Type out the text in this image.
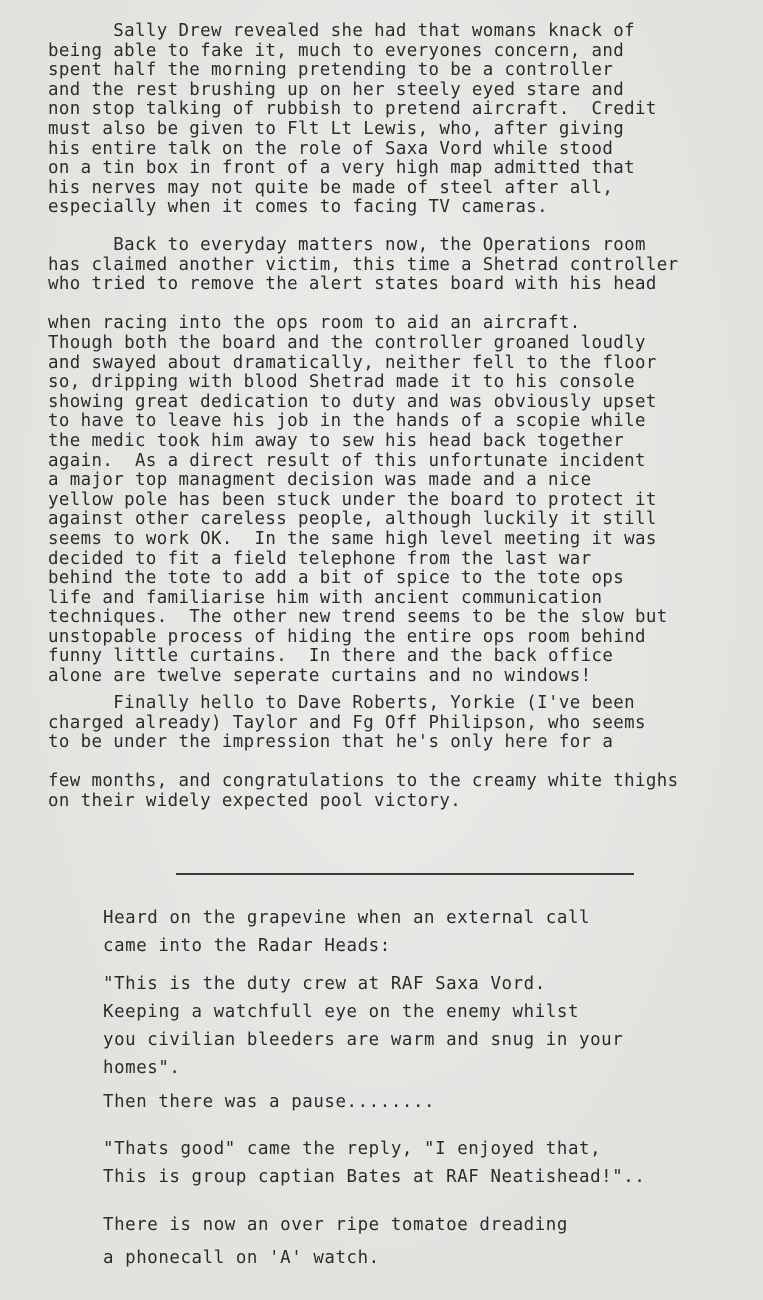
Sally Drew revealed she had that womans knack of
being able to fake it, much to everyones concern, and
spent half the morning pretending to be a controller
and the rest brushing up on her steely eyed stare and
non stop talking of rubbish to pretend aircraft.  Credit
must also be given to Flt Lt Lewis, who, after giving
his entire talk on the role of Saxa Vord while stood
on a tin box in front of a very high map admitted that
his nerves may not quite be made of steel after all,
especially when it comes to facing TV cameras.

Back to everyday matters now, the Operations room
has claimed another victim, this time a Shetrad controller
who tried to remove the alert states board with his head

when racing into the ops room to aid an aircraft.
Though both the board and the controller groaned loudly
and swayed about dramatically, neither fell to the floor
so, dripping with blood Shetrad made it to his console
showing great dedication to duty and was obviously upset
to have to leave his job in the hands of a scopie while
the medic took him away to sew his head back together
again.  As a direct result of this unfortunate incident
a major top managment decision was made and a nice
yellow pole has been stuck under the board to protect it
against other careless people, although luckily it still
seems to work OK.  In the same high level meeting it was
decided to fit a field telephone from the last war
behind the tote to add a bit of spice to the tote ops
life and familiarise him with ancient communication
techniques.  The other new trend seems to be the slow but
unstopable process of hiding the entire ops room behind
funny little curtains.  In there and the back office
alone are twelve seperate curtains and no windows!

Finally hello to Dave Roberts, Yorkie (I've been
charged already) Taylor and Fg Off Philipson, who seems
to be under the impression that he's only here for a

few months, and congratulations to the creamy white thighs
on their widely expected pool victory.

Heard on the grapevine when an external call
came into the Radar Heads:

"This is the duty crew at RAF Saxa Vord.
Keeping a watchfull eye on the enemy whilst
you civilian bleeders are warm and snug in your
homes".

Then there was a pause........

"Thats good" came the reply, "I enjoyed that,
This is group captian Bates at RAF Neatishead!"..

There is now an over ripe tomatoe dreading
a phonecall on 'A' watch.
